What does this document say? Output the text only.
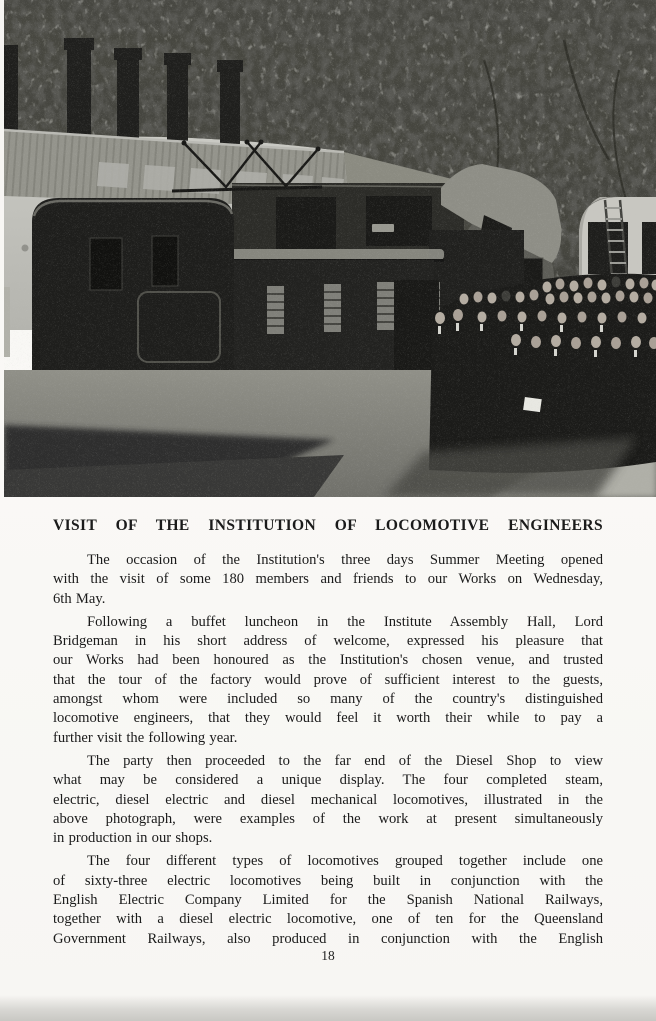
VISIT OF THE INSTITUTION OF LOCOMOTIVE ENGINEERS
The occasion of the Institution's three days Summer Meeting opened
with the visit of some 180 members and friends to our Works on Wednesday,
6th May.
Following a buffet luncheon in the Institute Assembly Hall, Lord
Bridgeman in his short address of welcome, expressed his pleasure that
our Works had been honoured as the Institution's chosen venue, and trusted
that the tour of the factory would prove of sufficient interest to the guests,
amongst whom were included so many of the country's distinguished
locomotive engineers, that they would feel it worth their while to pay a
further visit the following year.
The party then proceeded to the far end of the Diesel Shop to view
what may be considered a unique display. The four completed steam,
electric, diesel electric and diesel mechanical locomotives, illustrated in the
above photograph, were examples of the work at present simultaneously
in production in our shops.
The four different types of locomotives grouped together include one
of sixty-three electric locomotives being built in conjunction with the
English Electric Company Limited for the Spanish National Railways,
together with a diesel electric locomotive, one of ten for the Queensland
Government Railways, also produced in conjunction with the English
18
